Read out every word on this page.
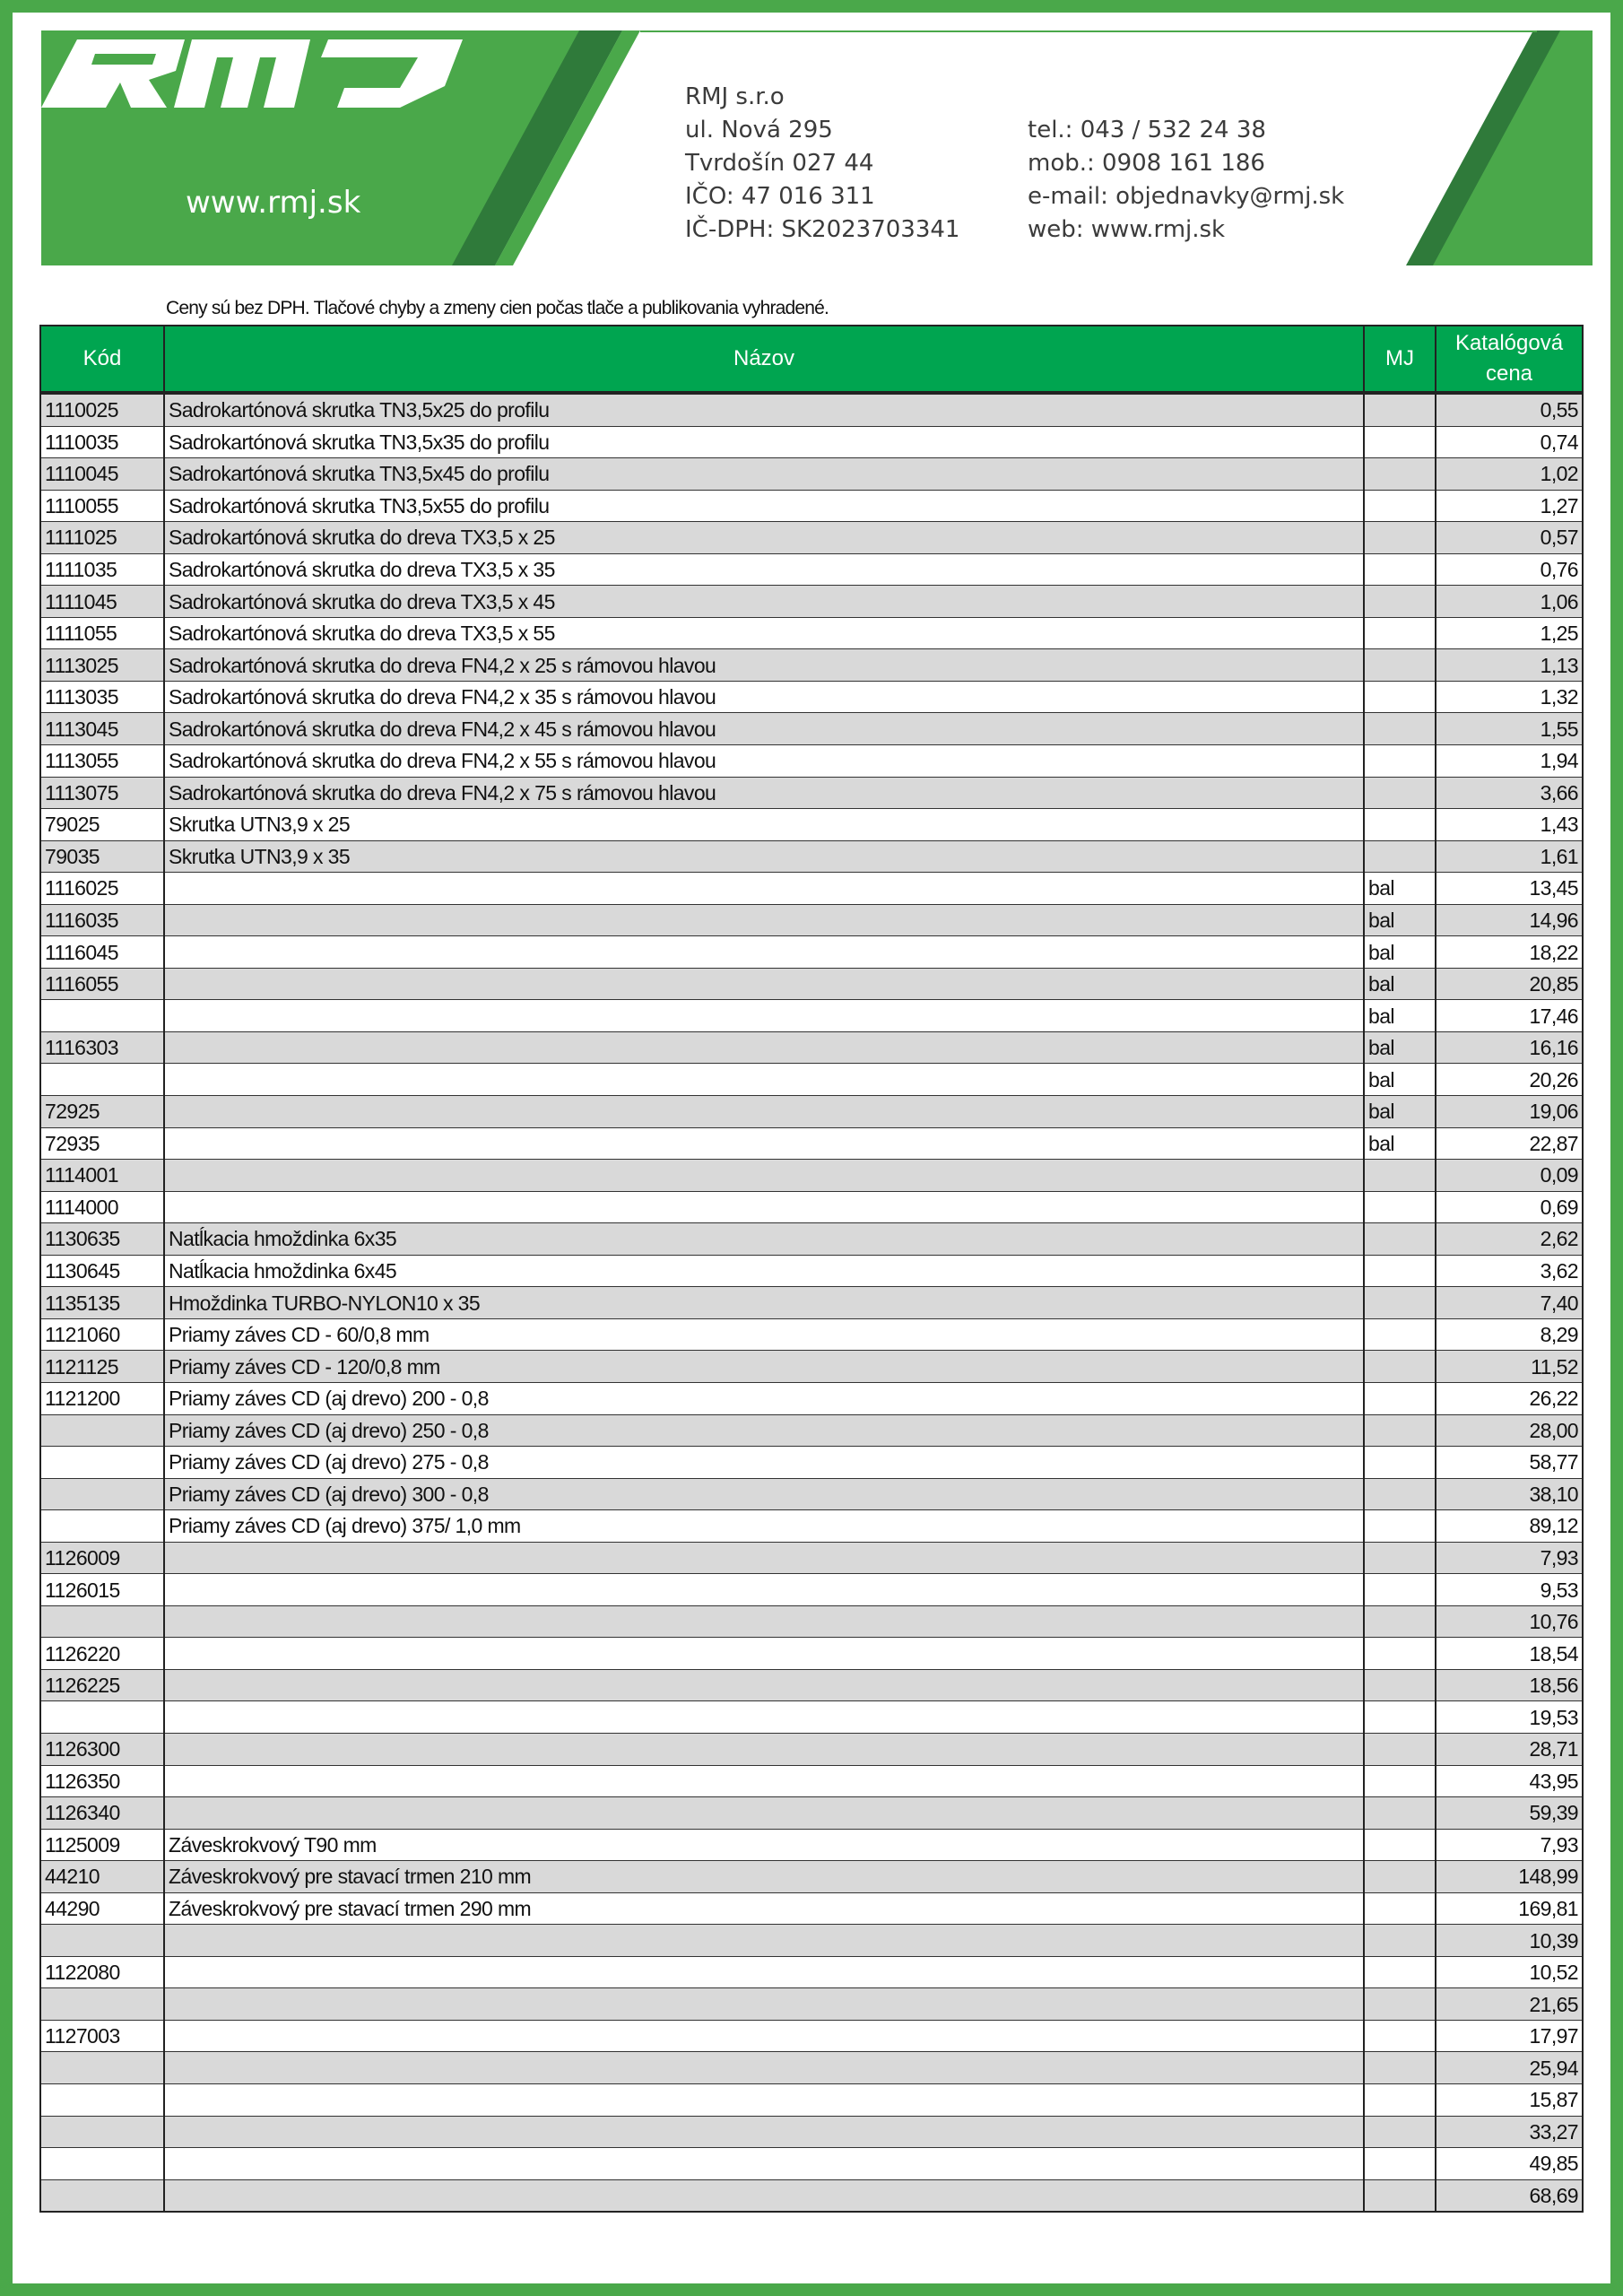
www.rmj.sk
RMJ s.r.o
ul. Nová 295
Tvrdošín 027 44
IČO: 47 016 311
IČ-DPH: SK2023703341
tel.: 043 / 532 24 38
mob.: 0908 161 186
e-mail: objednavky@rmj.sk
web: www.rmj.sk
Ceny sú bez DPH. Tlačové chyby a zmeny cien počas tlače a publikovania vyhradené.
Kód	Názov	MJ	Katalógová cena
1110025	Sadrokartónová skrutka TN3,5x25 do profilu		0,55
1110035	Sadrokartónová skrutka TN3,5x35 do profilu		0,74
1110045	Sadrokartónová skrutka TN3,5x45 do profilu		1,02
1110055	Sadrokartónová skrutka TN3,5x55 do profilu		1,27
1111025	Sadrokartónová skrutka do dreva TX3,5 x 25		0,57
1111035	Sadrokartónová skrutka do dreva TX3,5 x 35		0,76
1111045	Sadrokartónová skrutka do dreva TX3,5 x 45		1,06
1111055	Sadrokartónová skrutka do dreva TX3,5 x 55		1,25
1113025	Sadrokartónová skrutka do dreva FN4,2 x 25 s rámovou hlavou		1,13
1113035	Sadrokartónová skrutka do dreva FN4,2 x 35 s rámovou hlavou		1,32
1113045	Sadrokartónová skrutka do dreva FN4,2 x 45 s rámovou hlavou		1,55
1113055	Sadrokartónová skrutka do dreva FN4,2 x 55 s rámovou hlavou		1,94
1113075	Sadrokartónová skrutka do dreva FN4,2 x 75 s rámovou hlavou		3,66
79025	Skrutka UTN3,9 x 25		1,43
79035	Skrutka UTN3,9 x 35		1,61
1116025		bal	13,45
1116035		bal	14,96
1116045		bal	18,22
1116055		bal	20,85
		bal	17,46
1116303		bal	16,16
		bal	20,26
72925		bal	19,06
72935		bal	22,87
1114001			0,09
1114000			0,69
1130635	Natĺkacia hmoždinka 6x35		2,62
1130645	Natĺkacia hmoždinka 6x45		3,62
1135135	Hmoždinka TURBO-NYLON10 x 35		7,40
1121060	Priamy záves CD - 60/0,8 mm		8,29
1121125	Priamy záves CD - 120/0,8 mm		11,52
1121200	Priamy záves CD (aj drevo) 200 - 0,8		26,22
	Priamy záves CD (aj drevo) 250 - 0,8		28,00
	Priamy záves CD (aj drevo) 275 - 0,8		58,77
	Priamy záves CD (aj drevo) 300 - 0,8		38,10
	Priamy záves CD (aj drevo) 375/ 1,0 mm		89,12
1126009			7,93
1126015			9,53
			10,76
1126220			18,54
1126225			18,56
			19,53
1126300			28,71
1126350			43,95
1126340			59,39
1125009	Záveskrokvový T90 mm		7,93
44210	Záveskrokvový pre stavací trmen 210 mm		148,99
44290	Záveskrokvový pre stavací trmen 290 mm		169,81
			10,39
1122080			10,52
			21,65
1127003			17,97
			25,94
			15,87
			33,27
			49,85
			68,69
